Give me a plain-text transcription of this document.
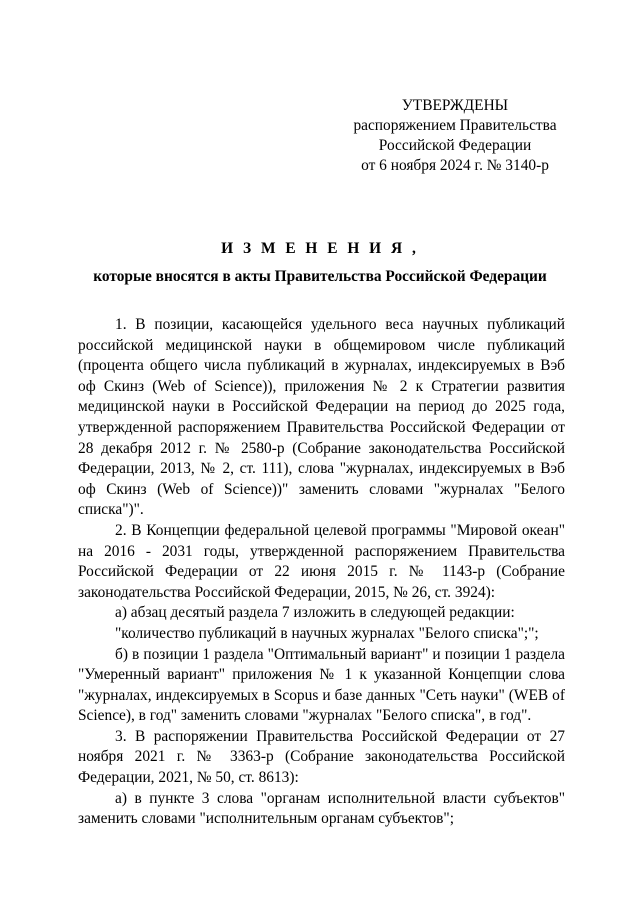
УТВЕРЖДЕНЫ
распоряжением Правительства
Российской Федерации
от 6 ноября 2024 г. № 3140-р
И З М Е Н Е Н И Я ,
которые вносятся в акты Правительства Российской Федерации

1. В позиции, касающейся удельного веса научных публикаций российской медицинской науки в общемировом числе публикаций (процента общего числа публикаций в журналах, индексируемых в Вэб оф Скинз (Web of Science)), приложения № 2 к Стратегии развития медицинской науки в Российской Федерации на период до 2025 года, утвержденной распоряжением Правительства Российской Федерации от 28 декабря 2012 г. № 2580-р (Собрание законодательства Российской Федерации, 2013, № 2, ст. 111), слова "журналах, индексируемых в Вэб оф Скинз (Web of Science))" заменить словами "журналах "Белого списка")".

2. В Концепции федеральной целевой программы "Мировой океан" на 2016 - 2031 годы, утвержденной распоряжением Правительства Российской Федерации от 22 июня 2015 г. № 1143-р (Собрание законодательства Российской Федерации, 2015, № 26, ст. 3924):

а) абзац десятый раздела 7 изложить в следующей редакции:

"количество публикаций в научных журналах "Белого списка";";

б) в позиции 1 раздела "Оптимальный вариант" и позиции 1 раздела "Умеренный вариант" приложения № 1 к указанной Концепции слова "журналах, индексируемых в Scopus и базе данных "Сеть науки" (WEB of Science), в год" заменить словами "журналах "Белого списка", в год".

3. В распоряжении Правительства Российской Федерации от 27 ноября 2021 г. № 3363-р (Собрание законодательства Российской Федерации, 2021, № 50, ст. 8613):

а) в пункте 3 слова "органам исполнительной власти субъектов" заменить словами "исполнительным органам субъектов";
